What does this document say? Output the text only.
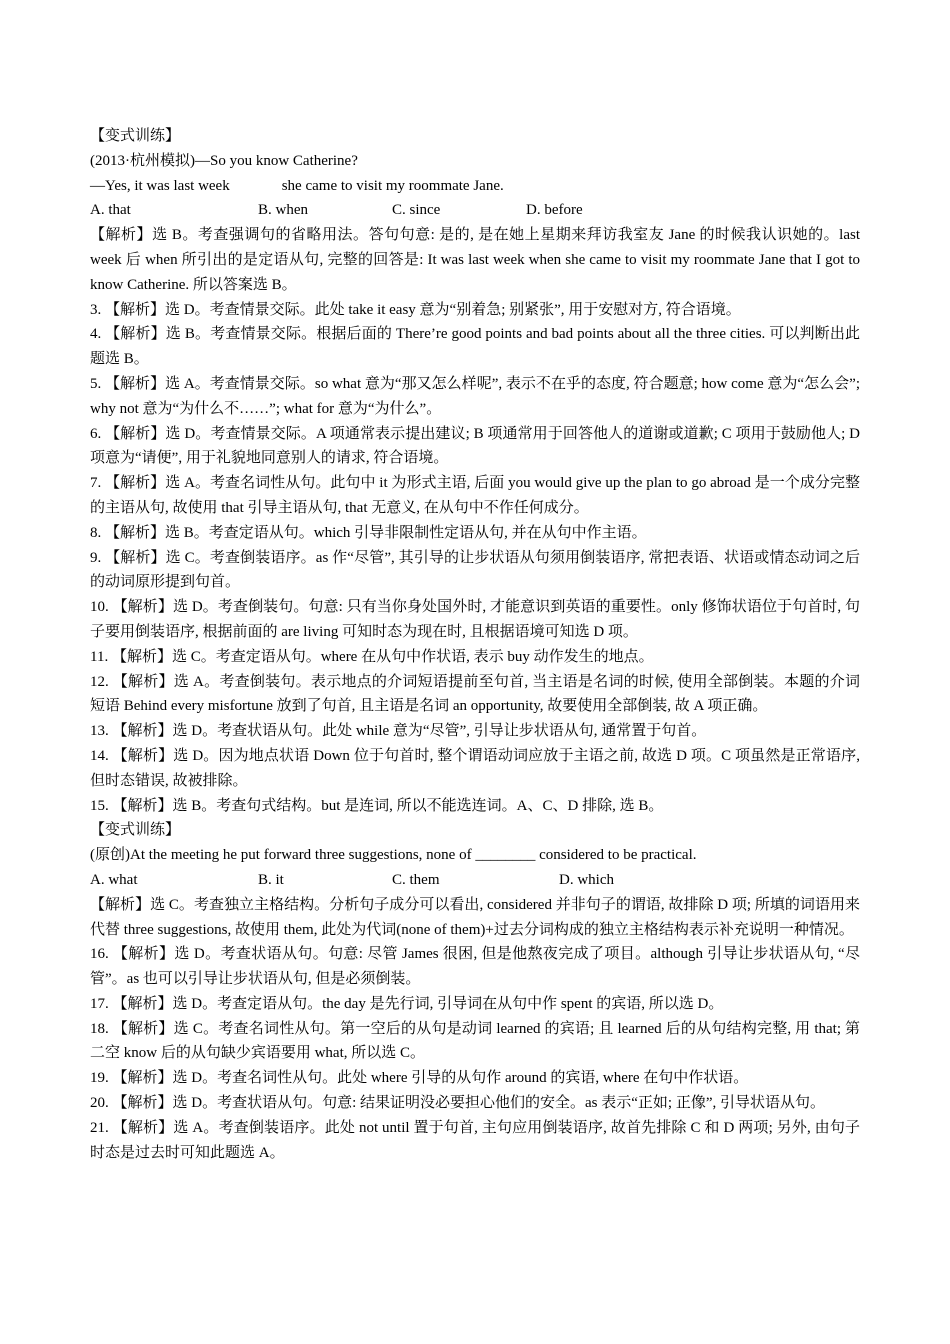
【变式训练】

(2013·杭州模拟)—So you know Catherine?

—Yes, it was last week	she came to visit my roommate Jane.

A. that	B. when	C. since	D. before

【解析】选 B。考查强调句的省略用法。答句句意: 是的, 是在她上星期来拜访我室友 Jane 的时候我认识她的。last week 后 when 所引出的是定语从句, 完整的回答是: It was last week when she came to visit my roommate Jane that I got to know Catherine. 所以答案选 B。

3. 【解析】选 D。考查情景交际。此处 take it easy 意为“别着急; 别紧张”, 用于安慰对方, 符合语境。

4. 【解析】选 B。考查情景交际。根据后面的 There’re good points and bad points about all the three cities. 可以判断出此题选 B。

5. 【解析】选 A。考查情景交际。so what 意为“那又怎么样呢”, 表示不在乎的态度, 符合题意; how come 意为“怎么会”; why not 意为“为什么不……”; what for 意为“为什么”。

6. 【解析】选 D。考查情景交际。A 项通常表示提出建议; B 项通常用于回答他人的道谢或道歉; C 项用于鼓励他人; D 项意为“请便”, 用于礼貌地同意别人的请求, 符合语境。

7. 【解析】选 A。考查名词性从句。此句中 it 为形式主语, 后面 you would give up the plan to go abroad 是一个成分完整的主语从句, 故使用 that 引导主语从句, that 无意义, 在从句中不作任何成分。

8. 【解析】选 B。考查定语从句。which 引导非限制性定语从句, 并在从句中作主语。

9. 【解析】选 C。考查倒装语序。as 作“尽管”, 其引导的让步状语从句须用倒装语序, 常把表语、状语或情态动词之后的动词原形提到句首。

10. 【解析】选 D。考查倒装句。句意: 只有当你身处国外时, 才能意识到英语的重要性。only 修饰状语位于句首时, 句子要用倒装语序, 根据前面的 are living 可知时态为现在时, 且根据语境可知选 D 项。

11. 【解析】选 C。考查定语从句。where 在从句中作状语, 表示 buy 动作发生的地点。

12. 【解析】选 A。考查倒装句。表示地点的介词短语提前至句首, 当主语是名词的时候, 使用全部倒装。本题的介词短语 Behind every misfortune 放到了句首, 且主语是名词 an opportunity, 故要使用全部倒装, 故 A 项正确。

13. 【解析】选 D。考查状语从句。此处 while 意为“尽管”, 引导让步状语从句, 通常置于句首。

14. 【解析】选 D。因为地点状语 Down 位于句首时, 整个谓语动词应放于主语之前, 故选 D 项。C 项虽然是正常语序, 但时态错误, 故被排除。

15. 【解析】选 B。考查句式结构。but 是连词, 所以不能选连词。A、C、D 排除, 选 B。

【变式训练】

(原创)At the meeting he put forward three suggestions, none of ________ considered to be practical.

A. what	B. it	C. them	D. which

【解析】选 C。考查独立主格结构。分析句子成分可以看出, considered 并非句子的谓语, 故排除 D 项; 所填的词语用来代替 three suggestions, 故使用 them, 此处为代词(none of them)+过去分词构成的独立主格结构表示补充说明一种情况。

16. 【解析】选 D。考查状语从句。句意: 尽管 James 很困, 但是他熬夜完成了项目。although 引导让步状语从句, “尽管”。as 也可以引导让步状语从句, 但是必须倒装。

17. 【解析】选 D。考查定语从句。the day 是先行词, 引导词在从句中作 spent 的宾语, 所以选 D。

18. 【解析】选 C。考查名词性从句。第一空后的从句是动词 learned 的宾语; 且 learned 后的从句结构完整, 用 that; 第二空 know 后的从句缺少宾语要用 what, 所以选 C。

19. 【解析】选 D。考查名词性从句。此处 where 引导的从句作 around 的宾语, where 在句中作状语。

20. 【解析】选 D。考查状语从句。句意: 结果证明没必要担心他们的安全。as 表示“正如; 正像”, 引导状语从句。

21. 【解析】选 A。考查倒装语序。此处 not until 置于句首, 主句应用倒装语序, 故首先排除 C 和 D 两项; 另外, 由句子时态是过去时可知此题选 A。
